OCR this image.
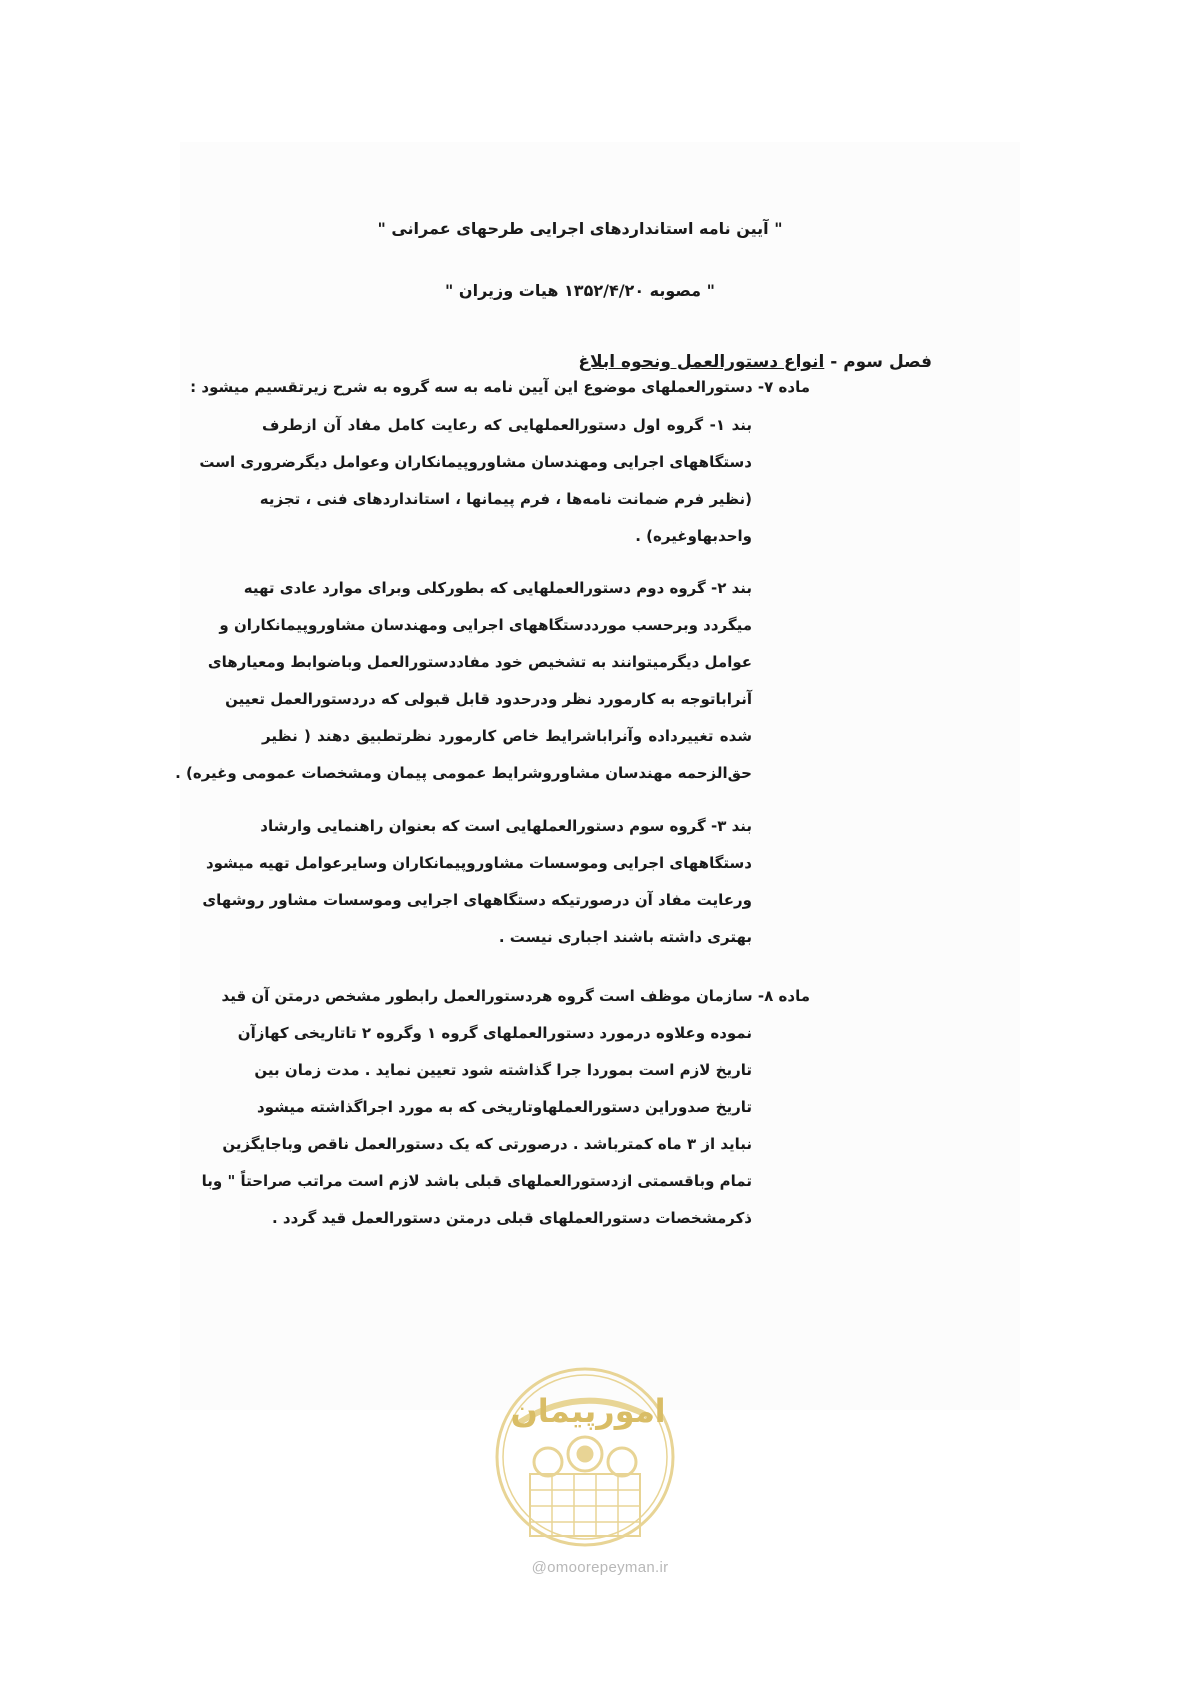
" آیین نامه استانداردهای اجرایی طرحهای عمرانی "
" مصوبه ۱۳۵۲/۴/۲۰ هیات وزیران "
فصل سوم - انواع دستورالعمل ونحوه ابلاغ
ماده ۷- دستورالعملهای موضوع این آیین نامه به سه گروه به شرح زیرتقسیم میشود :
بند ۱- گروه اول دستورالعملهایی که رعایت کامل مفاد آن ازطرف
دستگاههای اجرایی ومهندسان مشاوروپیمانکاران وعوامل دیگرضروری است
(نظیر فرم ضمانت نامه‌ها ، فرم پیمانها ، استانداردهای فنی ، تجزیه
واحدبهاوغیره) .
بند ۲- گروه دوم دستورالعملهایی که بطورکلی وبرای موارد عادی تهیه
میگردد وبرحسب مورددستگاههای اجرایی ومهندسان مشاوروپیمانکاران و
عوامل دیگرمیتوانند به تشخیص خود مفاددستورالعمل وباضوابط ومعیارهای
آنراباتوجه به کارمورد نظر ودرحدود قابل قبولی که دردستورالعمل تعیین
شده تغییرداده وآنراباشرایط خاص کارمورد نظرتطبیق دهند ( نظیر
حق‌الزحمه مهندسان مشاوروشرایط عمومی پیمان ومشخصات عمومی وغیره) .
بند ۳- گروه سوم دستورالعملهایی است که بعنوان راهنمایی وارشاد
دستگاههای اجرایی وموسسات مشاوروپیمانکاران وسایرعوامل تهیه میشود
ورعایت مفاد آن درصورتیکه دستگاههای اجرایی وموسسات مشاور روشهای
بهتری داشته باشند اجباری نیست .
ماده ۸- سازمان موظف است گروه هردستورالعمل رابطور مشخص درمتن آن قید
نموده وعلاوه درمورد دستورالعملهای گروه ۱ وگروه ۲ تاتاریخی کهازآن
تاریخ لازم است بموردا جرا گذاشته شود تعیین نماید . مدت زمان بین
تاریخ صدوراین دستورالعملهاوتاریخی که به مورد اجراگذاشته میشود
نباید از ۳ ماه کمترباشد . درصورتی که یک دستورالعمل ناقص وباجایگزین
تمام وباقسمتی ازدستورالعملهای قبلی باشد لازم است مراتب صراحتاً " وبا
ذکرمشخصات دستورالعملهای قبلی درمتن دستورالعمل قید گردد .
امورپیمان
@omoorepeyman.ir
